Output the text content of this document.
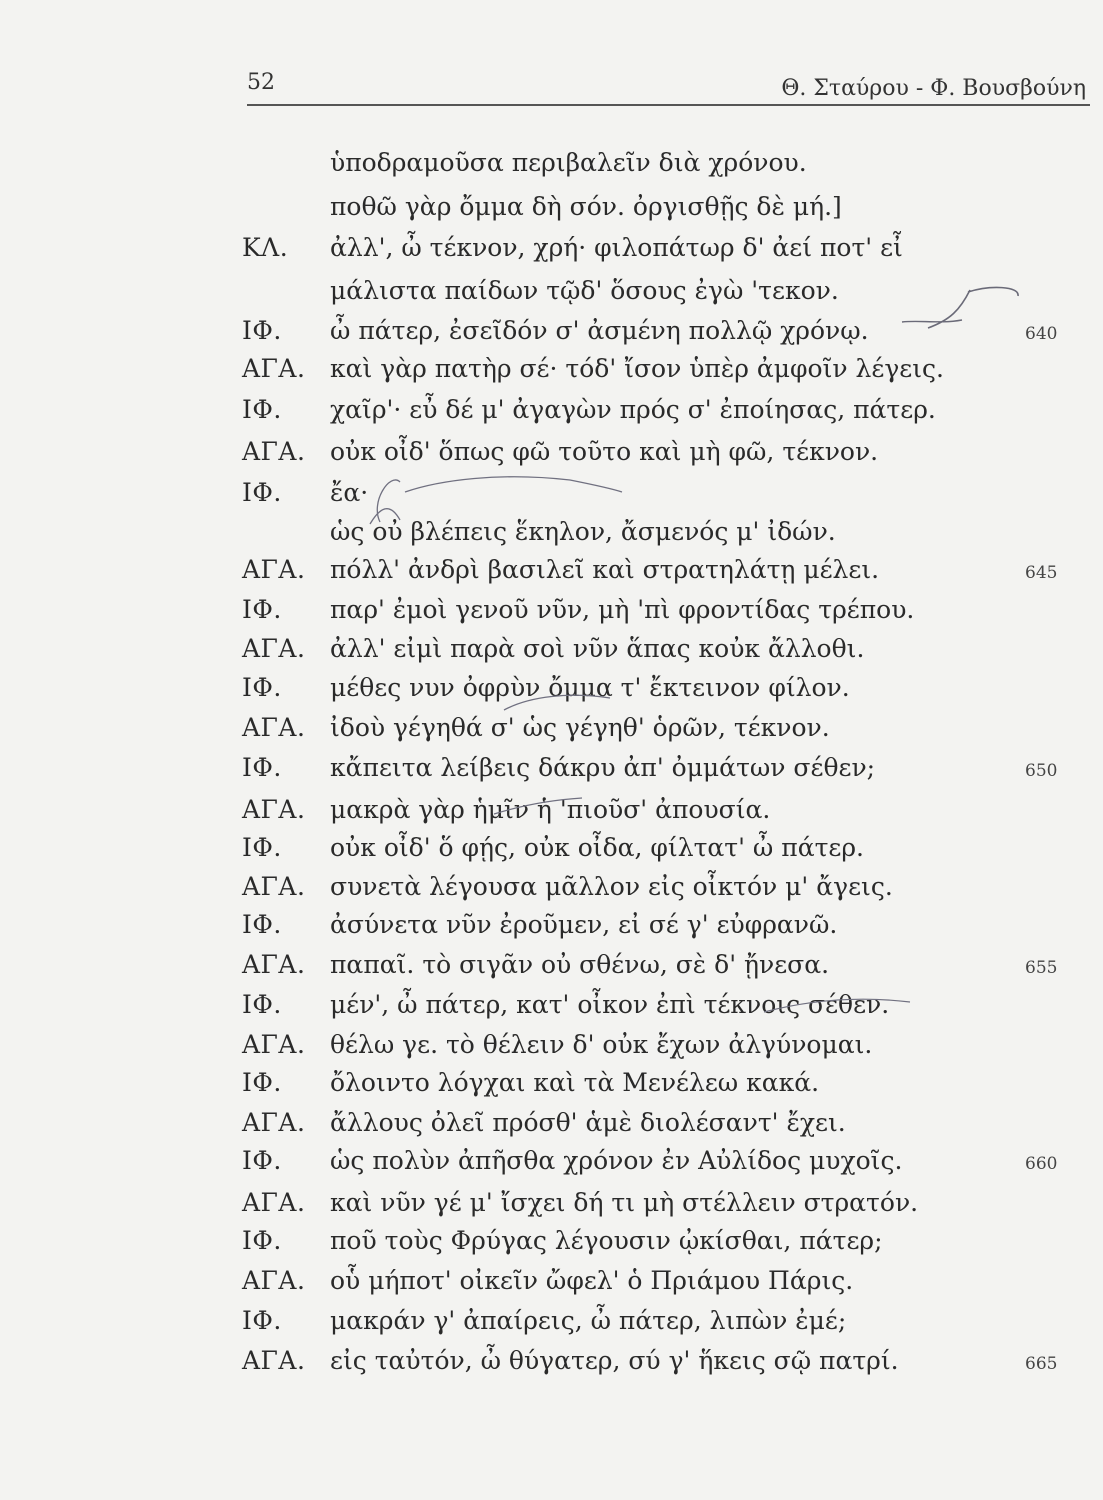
52	Θ. Σταύρου - Φ. Βουσβούνη
ὑποδραμοῦσα περιβαλεῖν διὰ χρόνου.
ποθῶ γὰρ ὄμμα δὴ σόν. ὀργισθῇς δὲ μή.]
ΚΛ. ἀλλ', ὦ τέκνον, χρή· φιλοπάτωρ δ' ἀεί ποτ' εἶ
μάλιστα παίδων τῷδ' ὅσους ἐγὼ 'τεκον.
ΙΦ. ὦ πάτερ, ἐσεῖδόν σ' ἀσμένη πολλῷ χρόνῳ.	640
ΑΓΑ. καὶ γὰρ πατὴρ σέ· τόδ' ἴσον ὑπὲρ ἀμφοῖν λέγεις.
ΙΦ. χαῖρ'· εὖ δέ μ' ἀγαγὼν πρός σ' ἐποίησας, πάτερ.
ΑΓΑ. οὐκ οἶδ' ὅπως φῶ τοῦτο καὶ μὴ φῶ, τέκνον.
ΙΦ. ἔα·
ὡς οὐ βλέπεις ἕκηλον, ἄσμενός μ' ἰδών.
ΑΓΑ. πόλλ' ἀνδρὶ βασιλεῖ καὶ στρατηλάτῃ μέλει.	645
ΙΦ. παρ' ἐμοὶ γενοῦ νῦν, μὴ 'πὶ φροντίδας τρέπου.
ΑΓΑ. ἀλλ' εἰμὶ παρὰ σοὶ νῦν ἅπας κοὐκ ἄλλοθι.
ΙΦ. μέθες νυν ὀφρὺν ὄμμα τ' ἔκτεινον φίλον.
ΑΓΑ. ἰδοὺ γέγηθά σ' ὡς γέγηθ' ὁρῶν, τέκνον.
ΙΦ. κἄπειτα λείβεις δάκρυ ἀπ' ὀμμάτων σέθεν;	650
ΑΓΑ. μακρὰ γὰρ ἡμῖν ἡ 'πιοῦσ' ἀπουσία.
ΙΦ. οὐκ οἶδ' ὅ φῄς, οὐκ οἶδα, φίλτατ' ὦ πάτερ.
ΑΓΑ. συνετὰ λέγουσα μᾶλλον εἰς οἶκτόν μ' ἄγεις.
ΙΦ. ἀσύνετα νῦν ἐροῦμεν, εἰ σέ γ' εὐφρανῶ.
ΑΓΑ. παπαῖ. τὸ σιγᾶν οὐ σθένω, σὲ δ' ᾔνεσα.	655
ΙΦ. μέν', ὦ πάτερ, κατ' οἶκον ἐπὶ τέκνοις σέθεν.
ΑΓΑ. θέλω γε. τὸ θέλειν δ' οὐκ ἔχων ἀλγύνομαι.
ΙΦ. ὄλοιντο λόγχαι καὶ τὰ Μενέλεω κακά.
ΑΓΑ. ἄλλους ὀλεῖ πρόσθ' ἁμὲ διολέσαντ' ἔχει.
ΙΦ. ὡς πολὺν ἀπῆσθα χρόνον ἐν Αὐλίδος μυχοῖς.	660
ΑΓΑ. καὶ νῦν γέ μ' ἴσχει δή τι μὴ στέλλειν στρατόν.
ΙΦ. ποῦ τοὺς Φρύγας λέγουσιν ᾠκίσθαι, πάτερ;
ΑΓΑ. οὗ μήποτ' οἰκεῖν ὤφελ' ὁ Πριάμου Πάρις.
ΙΦ. μακράν γ' ἀπαίρεις, ὦ πάτερ, λιπὼν ἐμέ;
ΑΓΑ. εἰς ταὐτόν, ὦ θύγατερ, σύ γ' ἥκεις σῷ πατρί.	665
